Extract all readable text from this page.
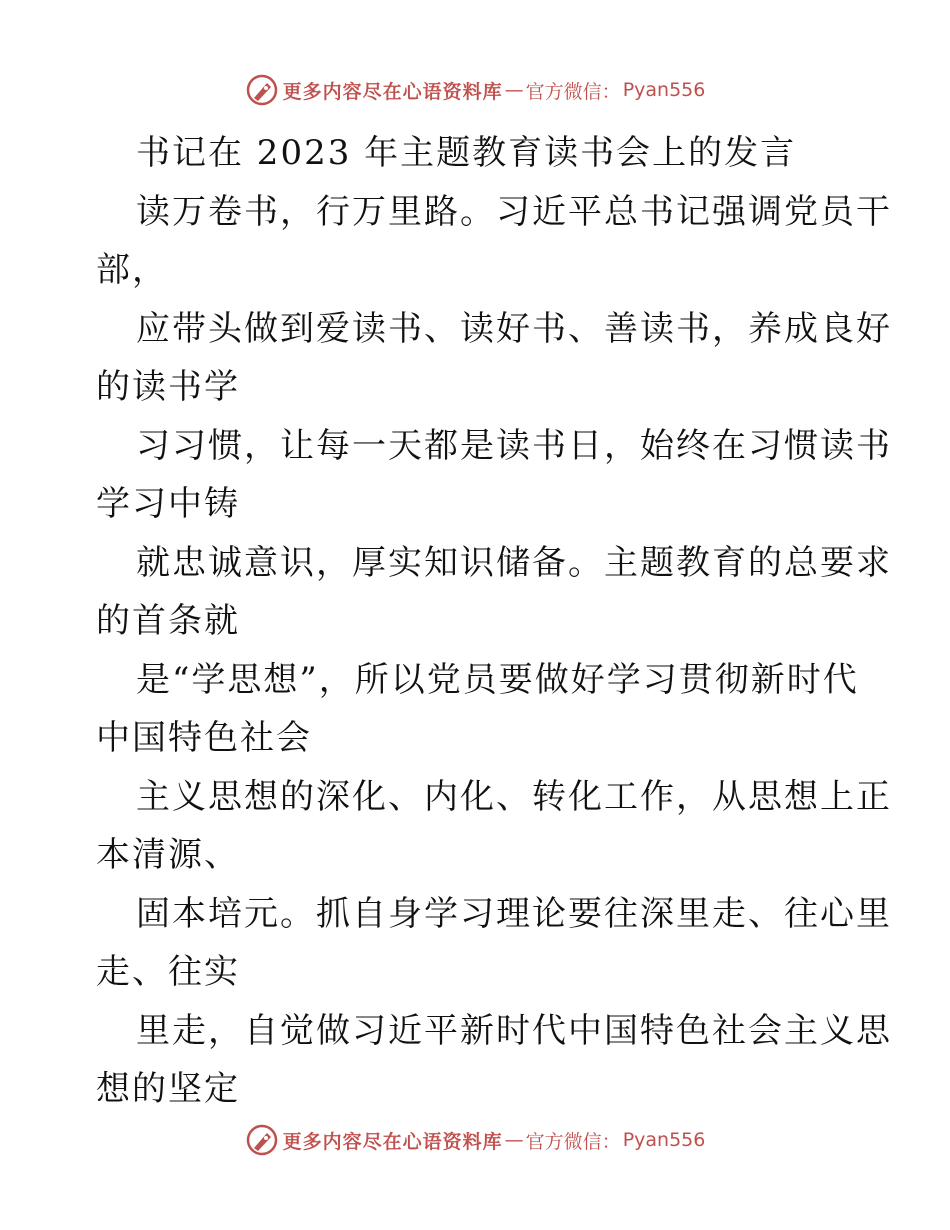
更多内容尽在心语资料库 — 官方微信： Pyan556
书记在 2023 年主题教育读书会上的发言
读万卷书，行万里路。习近平总书记强调党员干
部，
应带头做到爱读书、读好书、善读书，养成良好
的读书学
习习惯，让每一天都是读书日，始终在习惯读书
学习中铸
就忠诚意识，厚实知识储备。主题教育的总要求
的首条就
是“学思想”，所以党员要做好学习贯彻新时代
中国特色社会
主义思想的深化、内化、转化工作，从思想上正
本清源、
固本培元。抓自身学习理论要往深里走、往心里
走、往实
里走，自觉做习近平新时代中国特色社会主义思
想的坚定
更多内容尽在心语资料库 — 官方微信： Pyan556
